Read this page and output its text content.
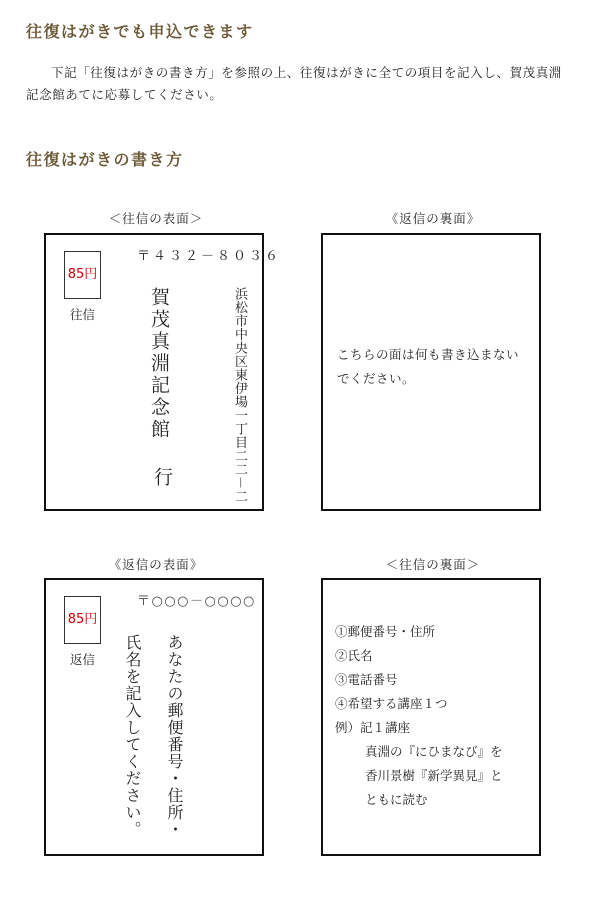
往復はがきでも申込できます

下記「往復はがきの書き方」を参照の上、往復はがきに全ての項目を記入し、賀茂真淵記念館あてに応募してください。

往復はがきの書き方
＜往信の表面＞
85円
往信
〒４３２－８０３６
浜松市中央区東伊場一丁目二二－二
賀茂真淵記念館
行
《返信の裏面》
こちらの面は何も書き込まないでください。
《返信の表面》
85円
返信
〒○○○－○○○○
あなたの郵便番号・住所・
氏名を記入してください。
＜往信の裏面＞
①郵便番号・住所
②氏名
③電話番号
④希望する講座１つ
例）記１講座
真淵の『にひまなび』を
香川景樹『新学異見』と
ともに読む
